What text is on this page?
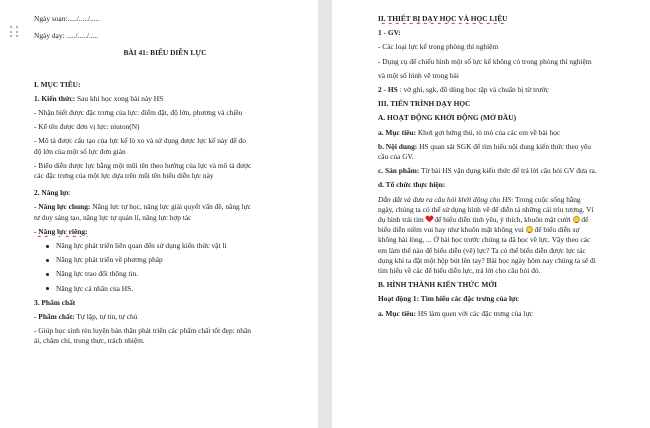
Ngày soạn:...../...../.....
Ngày dạy: ...../...../.....
BÀI 41: BIỂU DIỄN LỰC
I. MỤC TIÊU:
1. Kiến thức: Sau khi học xong bài này HS
- Nhận biết được đặc trưng của lực: điểm đặt, độ lớn, phương và chiều
- Kể tên được đơn vị lực: niuton(N)
- Mô tả được cấu tạo của lực kế lò xo và sử dụng được lực kế này để đo
độ lớn của một số lực đơn giản
- Biểu diễn được lực bằng một mũi tên theo hướng của lực và mô tả được
các đặc trưng của một lực dựa trên mũi tên biểu diễn lực này
2. Năng lực
- Năng lực chung: Năng lực tự học, năng lực giải quyết vấn đề, năng lực
tư duy sáng tạo, năng lực tự quản lí, năng lực hợp tác
- Năng lực riêng:
Năng lực phát triển liên quan đến sử dụng kiến thức vật lí
Năng lực phát triển về phương pháp
Năng lực trao đổi thông tin.
Năng lực cá nhân của HS.
3. Phẩm chất
- Phẩm chất: Tự lập, tự tin, tự chủ
- Giúp học sinh rèn luyện bản thân phát triển các phẩm chất tốt đẹp: nhân
ái, chăm chỉ, trung thực, trách nhiệm.
II. THIẾT BỊ DẠY HỌC VÀ HỌC LIỆU
1 - GV:
- Các loại lực kế trong phòng thí nghiệm
- Dụng cụ để chiếu hình một số lực kế không có trong phòng thí nghiệm
và một số hình vẽ trong bài
2 - HS : vở ghi, sgk, đồ dùng học tập và chuẩn bị từ trước
III. TIẾN TRÌNH DẠY HỌC
A. HOẠT ĐỘNG KHỞI ĐỘNG (MỞ ĐẦU)
a. Mục tiêu: Khơi gợi hứng thú, tò mò của các em về bài học
b. Nội dung: HS quan sát SGK để tìm hiểu nội dung kiến thức theo yêu
cầu của GV.
c. Sản phẩm: Từ bài HS vận dụng kiến thức để trả lời câu hỏi GV đưa ra.
d. Tổ chức thực hiện:
Dẫn dắt và đưa ra câu hỏi khởi động cho HS: Trong cuộc sống hằng
ngày, chúng ta có thể sử dụng hình vẽ để diễn tả những cái trìu tượng. Ví
dụ hình trái tim  để biểu diễn tình yêu, ý thích, khuôn mặt cười  để
biểu diễn niềm vui hay như khuôn mặt không vui  để biểu diễn sự
không hài lòng, ... Ở bài học trước chúng ta đã học về lực. Vậy theo các
em làm thế nào để biểu diễn (vẽ) lực? Ta có thể biểu diễn được lực tác
dụng khi ta đặt một hộp bút lên tay? Bài học ngày hôm nay chúng ta sẽ đi
tìm hiểu về các để biểu diễn lực, trả lời cho câu hỏi đó.
B. HÌNH THÀNH KIẾN THỨC MỚI
Hoạt động 1: Tìm hiểu các đặc trưng của lực
a. Mục tiêu: HS làm quen với các đặc trưng của lực
